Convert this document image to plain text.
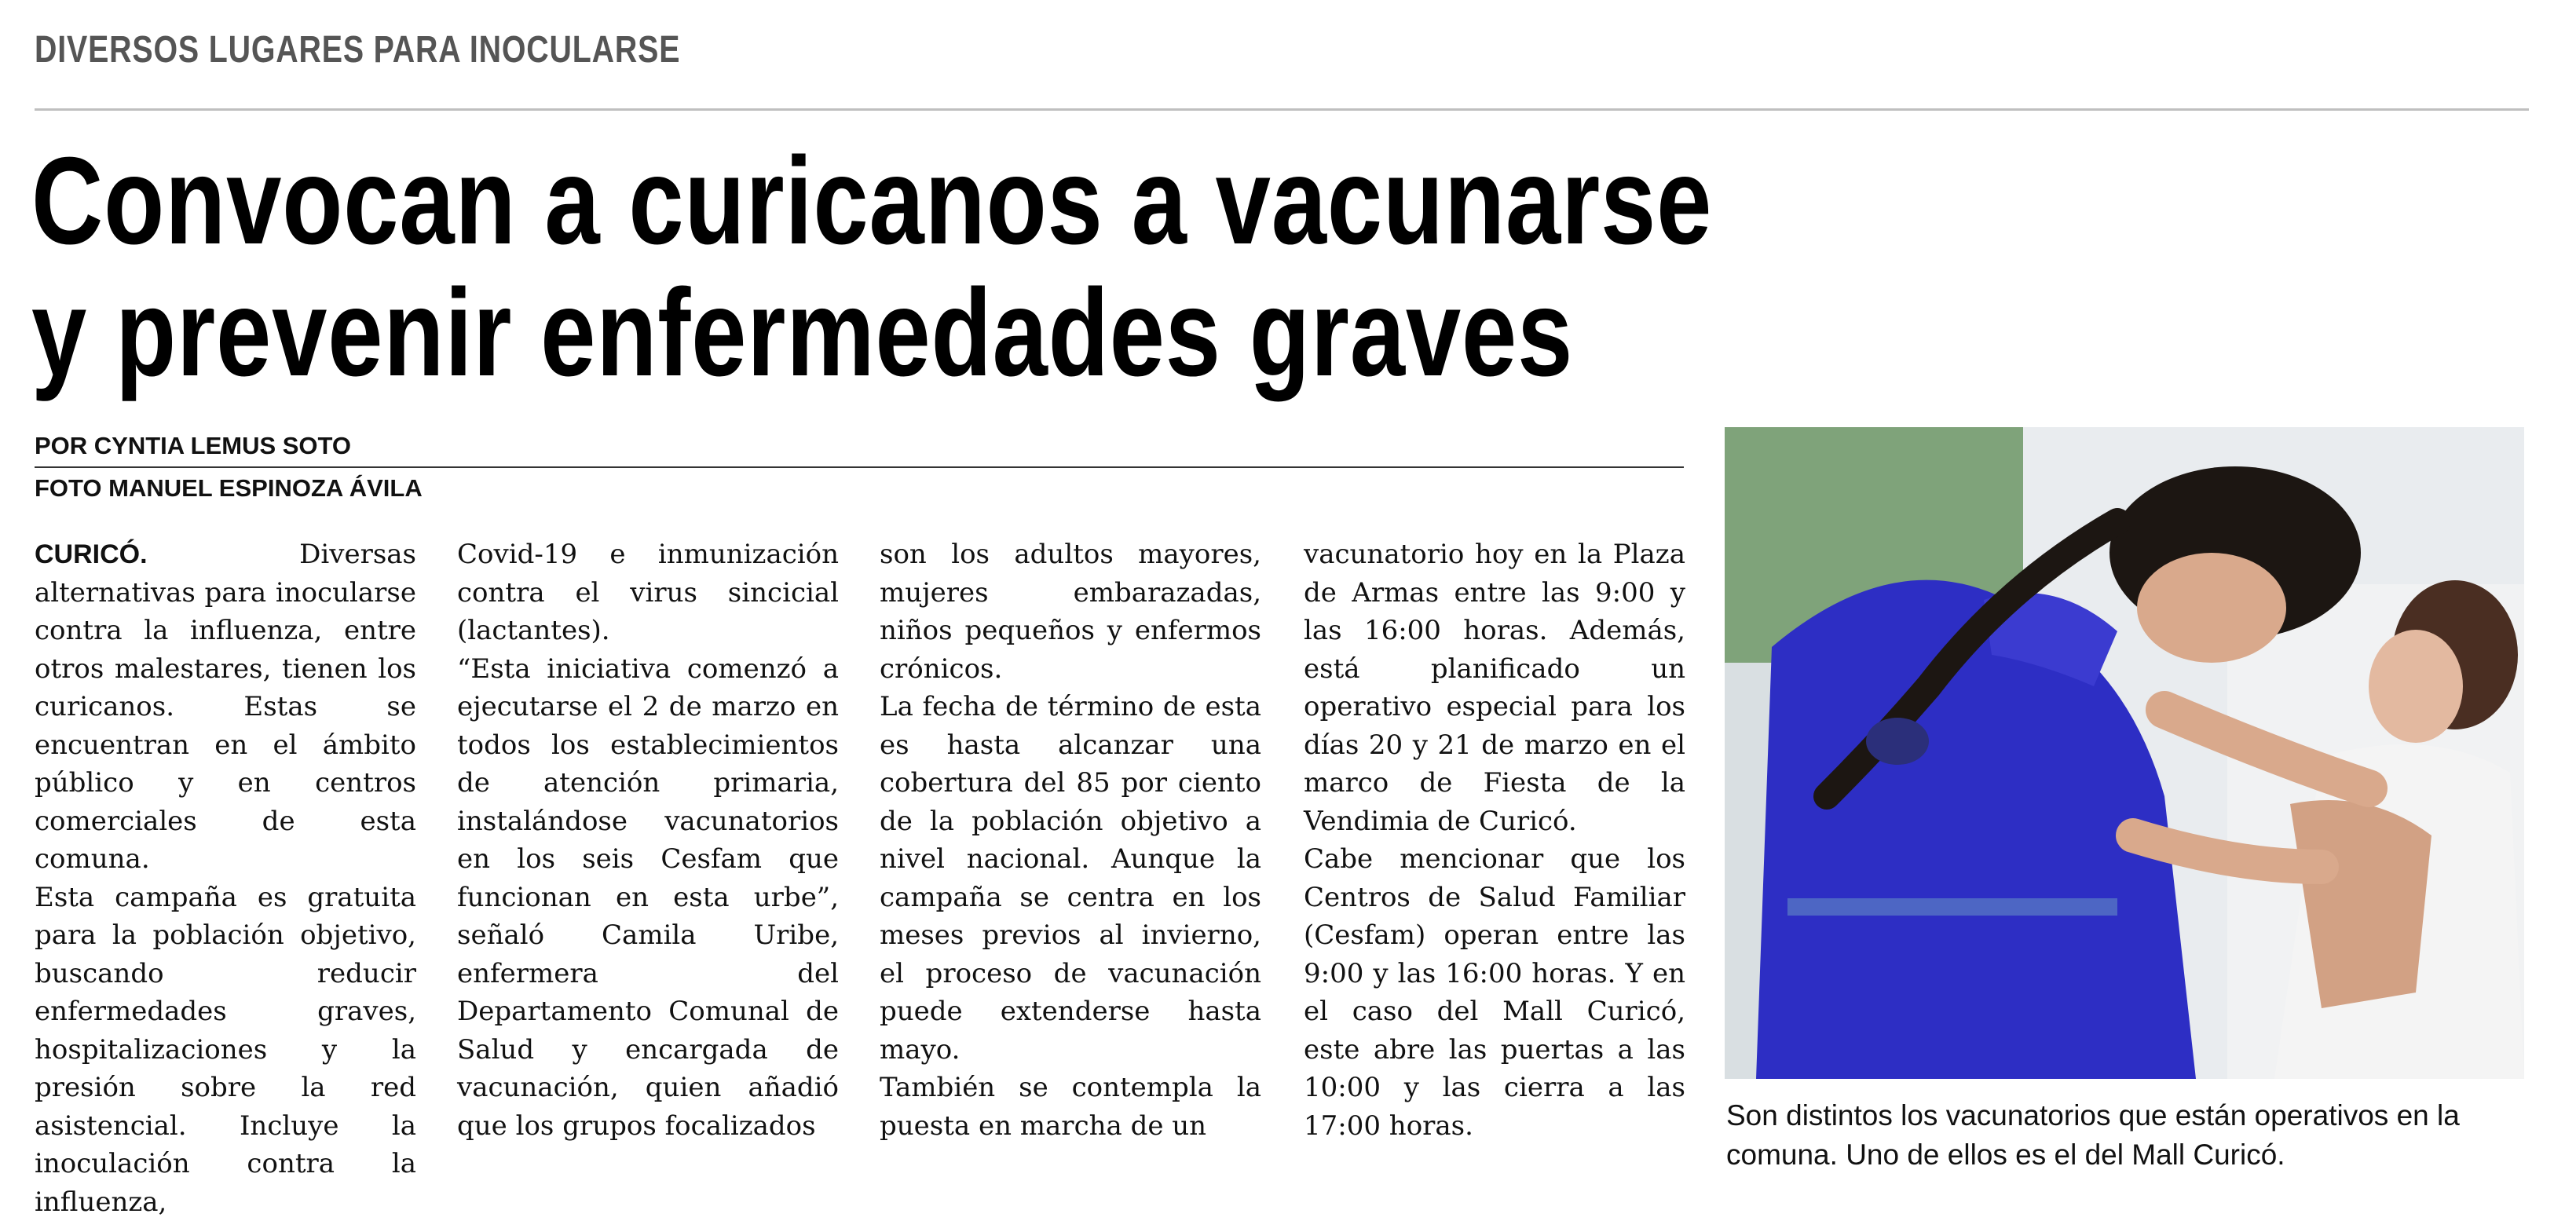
DIVERSOS LUGARES PARA INOCULARSE
Convocan a curicanos a vacunarse
y prevenir enfermedades graves
POR CYNTIA LEMUS SOTO
FOTO MANUEL ESPINOZA ÁVILA

CURICÓ.	Diversas alternativas para inocularse contra la influenza, entre otros malestares, tienen los curicanos. Estas se encuentran en el ámbito público y en centros comerciales de esta comuna.

Esta campaña es gratuita para la población objetivo, buscando reducir enfermedades graves, hospitalizaciones y la presión sobre la red asistencial. Incluye la inoculación contra la influenza,

Covid-19 e inmunización contra el virus sincicial (lactantes).

“Esta iniciativa comenzó a ejecutarse el 2 de marzo en todos los establecimientos de atención primaria, instalándose vacunatorios en los seis Cesfam que funcionan en esta urbe”, señaló Camila Uribe, enfermera del Departamento Comunal de Salud y encargada de vacunación, quien añadió que los grupos focalizados

son los adultos mayores, mujeres embarazadas, niños pequeños y enfermos crónicos.

La fecha de término de esta es hasta alcanzar una cobertura del 85 por ciento de la población objetivo a nivel nacional. Aunque la campaña se centra en los meses previos al invierno, el proceso de vacunación puede extenderse hasta mayo.

También se contempla la puesta en marcha de un

vacunatorio hoy en la Plaza de Armas entre las 9:00 y las 16:00 horas. Además, está planificado un operativo especial para los días 20 y 21 de marzo en el marco de Fiesta de la Vendimia de Curicó.

Cabe mencionar que los Centros de Salud Familiar (Cesfam) operan entre las 9:00 y las 16:00 horas. Y en el caso del Mall Curicó, este abre las puertas a las 10:00 y las cierra a las 17:00 horas.	Son distintos los vacunatorios que están operativos en la comuna. Uno de ellos es el del Mall Curicó.
